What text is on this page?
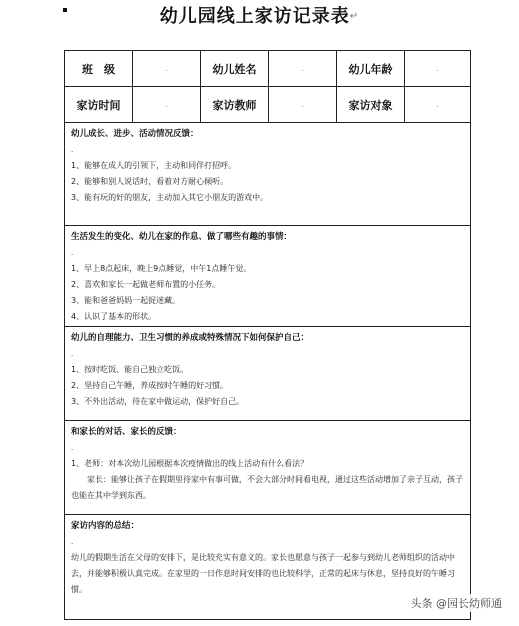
幼儿园线上家访记录表↵
班　级	.	幼儿姓名	.	幼儿年龄	.
家访时间	.	家访教师	.	家访对象	.
幼儿成长、进步、活动情况反馈：
.
1、能够在成人的引领下，主动和同伴打招呼。
2、能够和别人说话时，看着对方耐心倾听。
3、能有玩的好的朋友，主动加入其它小朋友的游戏中。
生活发生的变化、幼儿在家的作息、做了哪些有趣的事情：
.
1、早上8点起床，晚上9点睡觉，中午1点睡午觉。
2、喜欢和家长一起做老师布置的小任务。
3、能和爸爸妈妈一起捉迷藏。
4、认识了基本的形状。
幼儿的自理能力、卫生习惯的养成或特殊情况下如何保护自己：
.
1、按时吃饭、能自己独立吃饭。
2、坚持自己午睡，养成按时午睡的好习惯。
3、不外出活动，待在家中做运动，保护好自己。
和家长的对话、家长的反馈：
.
1、老师：对本次幼儿园根据本次疫情做出的线上活动有什么看法？
　　家长：能够让孩子在假期里待家中有事可做，不会大部分时间看电视，通过这些活动增加了亲子互动，孩子也能在其中学到东西。
家访内容的总结：
.
幼儿的假期生活在父母的安排下，是比较充实有意义的。家长也愿意与孩子一起参与到幼儿老师组织的活动中去，并能够积极认真完成。在家里的一日作息时间安排的也比较科学，正常的起床与休息，坚持良好的午睡习惯。
头条 @园长幼师通
